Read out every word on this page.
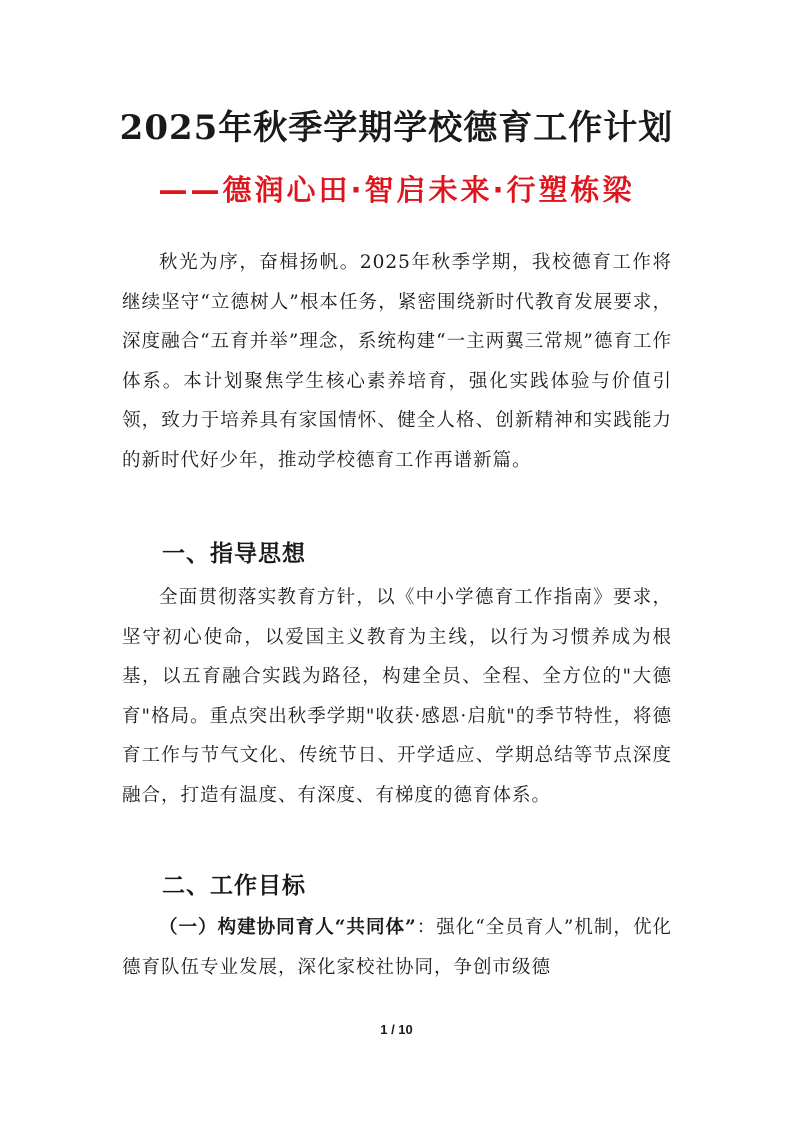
2025年秋季学期学校德育工作计划
——德润心田·智启未来·行塑栋梁

秋光为序，奋楫扬帆。2025年秋季学期，我校德育工作将继续坚守“立德树人”根本任务，紧密围绕新时代教育发展要求，深度融合“五育并举”理念，系统构建“一主两翼三常规”德育工作体系。本计划聚焦学生核心素养培育，强化实践体验与价值引领，致力于培养具有家国情怀、健全人格、创新精神和实践能力的新时代好少年，推动学校德育工作再谱新篇。

一、指导思想

全面贯彻落实教育方针，以《中小学德育工作指南》要求，坚守初心使命，以爱国主义教育为主线，以行为习惯养成为根基，以五育融合实践为路径，构建全员、全程、全方位的"大德育"格局。重点突出秋季学期"收获·感恩·启航"的季节特性，将德育工作与节气文化、传统节日、开学适应、学期总结等节点深度融合，打造有温度、有深度、有梯度的德育体系。

二、工作目标

（一）构建协同育人“共同体”：强化“全员育人”机制，优化德育队伍专业发展，深化家校社协同，争创市级德

1 / 10
